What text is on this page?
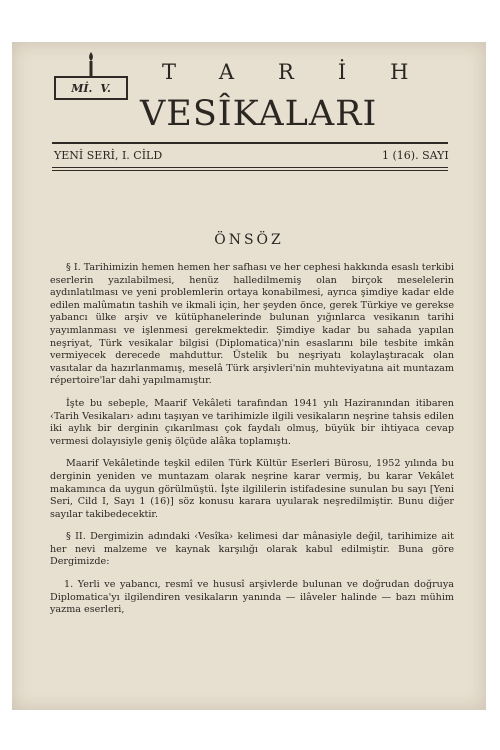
Mİ. V.
TARİH
VESÎKALARI
YENİ SERİ, I. CİLD	1 (16). SAYI
ÖNSÖZ

§ I. Tarihimizin hemen hemen her safhası ve her cephesi hakkında esaslı terkibi eserlerin yazılabilmesi, henüz halledilmemiş olan birçok meselelerin aydınlatılması ve yeni problemlerin ortaya konabilmesi, ayrıca şimdiye kadar elde edilen malûmatın tashih ve ikmali için, her şeyden önce, gerek Türkiye ve gerekse yabancı ülke arşiv ve kütüphanelerinde bulunan yığınlarca vesikanın tarihi yayımlanması ve işlenmesi gerekmektedir. Şimdiye kadar bu sahada yapılan neşriyat, Türk vesikalar bilgisi (Diplomatica)'nin esaslarını bile tesbite imkân vermiyecek derecede mahduttur. Üstelik bu neşriyatı kolaylaştıracak olan vasıtalar da hazırlanmamış, meselâ Türk arşivleri'nin muhteviyatına ait muntazam répertoire'lar dahi yapılmamıştır.

İşte bu sebeple, Maarif Vekâleti tarafından 1941 yılı Haziranından itibaren ‹Tarih Vesikaları› adını taşıyan ve tarihimizle ilgili vesikaların neşrine tahsis edilen iki aylık bir derginin çıkarılması çok faydalı olmuş, büyük bir ihtiyaca cevap vermesi dolayısiyle geniş ölçüde alâka toplamıştı.

Maarif Vekâletinde teşkil edilen Türk Kültür Eserleri Bürosu, 1952 yılında bu derginin yeniden ve muntazam olarak neşrine karar vermiş, bu karar Vekâlet makamınca da uygun görülmüştü. İşte ilgililerin istifadesine sunulan bu sayı [Yeni Seri, Cild I, Sayı 1 (16)] söz konusu karara uyularak neşredilmiştir. Bunu diğer sayılar takibedecektir.

§ II. Dergimizin adındaki ‹Vesîka› kelimesi dar mânasiyle değil, tarihimize ait her nevi malzeme ve kaynak karşılığı olarak kabul edilmiştir. Buna göre Dergimizde:

1. Yerli ve yabancı, resmî ve hususî arşivlerde bulunan ve doğrudan doğruya Diplomatica'yı ilgilendiren vesikaların yanında — ilâveler halinde — bazı mühim yazma eserleri,
